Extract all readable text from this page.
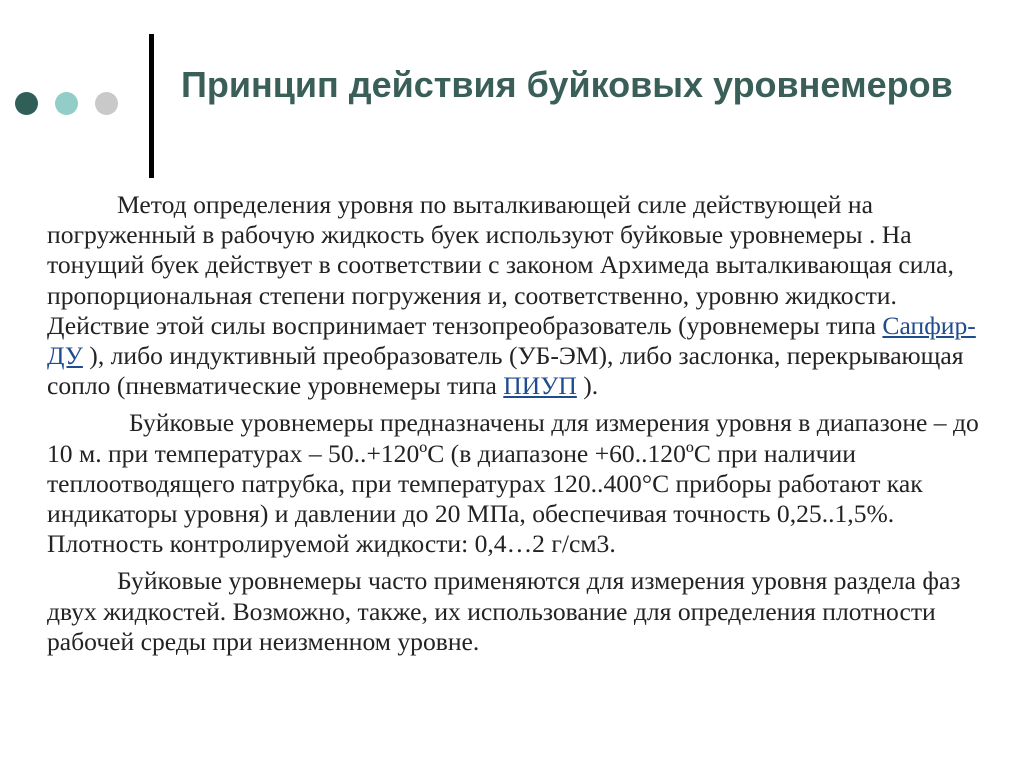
Принцип действия буйковых уровнемеров

Метод определения уровня по выталкивающей силе действующей на погруженный в рабочую жидкость буек используют буйковые уровнемеры . На тонущий буек действует в соответствии с законом Архимеда выталкивающая сила, пропорциональная степени погружения и, соответственно, уровню жидкости. Действие этой силы воспринимает тензопреобразователь (уровнемеры типа Сапфир-ДУ ), либо индуктивный преобразователь (УБ-ЭМ), либо заслонка, перекрывающая сопло (пневматические уровнемеры типа ПИУП ).

Буйковые уровнемеры предназначены для измерения уровня в диапазоне – до 10 м. при температурах – 50..+120ºС (в диапазоне +60..120ºС при наличии теплоотводящего патрубка, при температурах 120..400°С приборы работают как индикаторы уровня) и давлении до 20 МПа, обеспечивая точность 0,25..1,5%. Плотность контролируемой жидкости: 0,4…2 г/см3.

Буйковые уровнемеры часто применяются для измерения уровня раздела фаз двух жидкостей. Возможно, также, их использование для определения плотности рабочей среды при неизменном уровне.
